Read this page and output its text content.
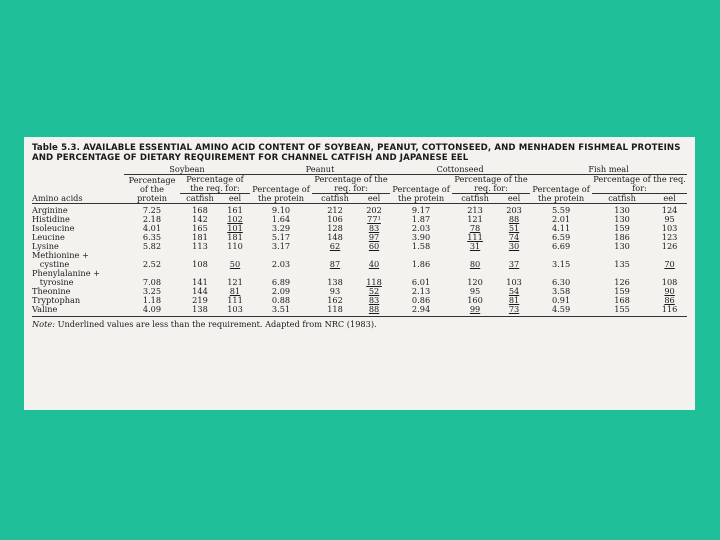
Table 5.3. AVAILABLE ESSENTIAL AMINO ACID CONTENT OF SOYBEAN, PEANUT, COTTONSEED, AND MENHADEN FISHMEAL PROTEINS AND PERCENTAGE OF DIETARY REQUIREMENT FOR CHANNEL CATFISH AND JAPANESE EEL
	Soybean			Peanut			Cottonseed			Fish meal		
Amino acids	Percentage of the protein	Percentage of the req. for:		Percentage of the protein	Percentage of the req. for:		Percentage of the protein	Percentage of the req. for:		Percentage of the protein	Percentage of the req. for:	
		catfish	eel		catfish	eel		catfish	eel		catfish	eel

Arginine	7.25	168	161	9.10	212	202	9.17	213	203	5.59	130	124
Histidine	2.18	142	102	1.64	106	77¹	1.87	121	88	2.01	130	95
Isoleucine	4.01	165	101	3.29	128	83	2.03	78	51	4.11	159	103
Leucine	6.35	181	181	5.17	148	97	3.90	111	74	6.59	186	123
Lysine	5.82	113	110	3.17	62	60	1.58	31	30	6.69	130	126
Methionine +												
cystine	2.52	108	50	2.03	87	40	1.86	80	37	3.15	135	70
Phenylalanine +												
tyrosine	7.08	141	121	6.89	138	118	6.01	120	103	6.30	126	108
Theonine	3.25	144	81	2.09	93	52	2.13	95	54	3.58	159	90
Tryptophan	1.18	219	111	0.88	162	83	0.86	160	81	0.91	168	86
Valine	4.09	138	103	3.51	118	88	2.94	99	73	4.59	155	116
Note: Underlined values are less than the requirement. Adapted from NRC (1983).
